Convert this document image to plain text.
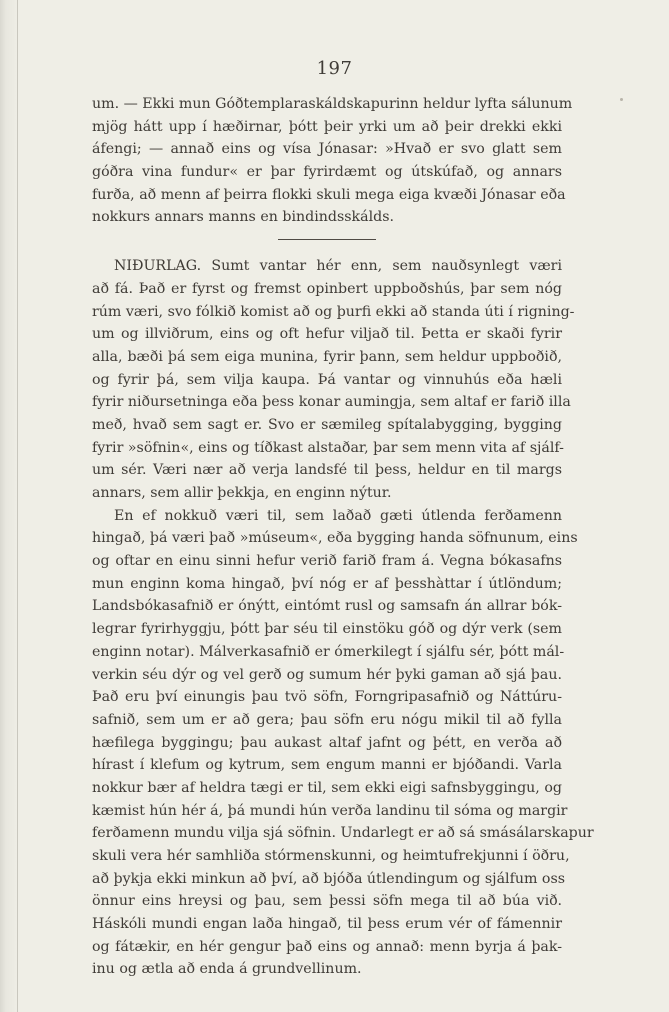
197
um. — Ekki mun Góðtemplaraskáldskapurinn heldur lyfta sálunum
mjög hátt upp í hæðirnar, þótt þeir yrki um að þeir drekki ekki
áfengi; — annað eins og vísa Jónasar: »Hvað er svo glatt sem
góðra vina fundur« er þar fyrirdæmt og útskúfað, og annars
furða, að menn af þeirra flokki skuli mega eiga kvæði Jónasar eða
nokkurs annars manns en bindindsskálds.
NIÐURLAG. Sumt vantar hér enn, sem nauðsynlegt væri
að fá. Það er fyrst og fremst opinbert uppboðshús, þar sem nóg
rúm væri, svo fólkið komist að og þurfi ekki að standa úti í rigning-
um og illviðrum, eins og oft hefur viljað til. Þetta er skaði fyrir
alla, bæði þá sem eiga munina, fyrir þann, sem heldur uppboðið,
og fyrir þá, sem vilja kaupa. Þá vantar og vinnuhús eða hæli
fyrir niðursetninga eða þess konar aumingja, sem altaf er farið illa
með, hvað sem sagt er. Svo er sæmileg spítalabygging, bygging
fyrir »söfnin«, eins og tíðkast alstaðar, þar sem menn vita af sjálf-
um sér. Væri nær að verja landsfé til þess, heldur en til margs
annars, sem allir þekkja, en enginn nýtur.
En ef nokkuð væri til, sem laðað gæti útlenda ferðamenn
hingað, þá væri það »múseum«, eða bygging handa söfnunum, eins
og oftar en einu sinni hefur verið farið fram á. Vegna bókasafns
mun enginn koma hingað, því nóg er af þesshàttar í útlöndum;
Landsbókasafnið er ónýtt, eintómt rusl og samsafn án allrar bók-
legrar fyrirhyggju, þótt þar séu til einstöku góð og dýr verk (sem
enginn notar). Málverkasafnið er ómerkilegt í sjálfu sér, þótt mál-
verkin séu dýr og vel gerð og sumum hér þyki gaman að sjá þau.
Það eru því einungis þau tvö söfn, Forngripasafnið og Náttúru-
safnið, sem um er að gera; þau söfn eru nógu mikil til að fylla
hæfilega byggingu; þau aukast altaf jafnt og þétt, en verða að
hírast í klefum og kytrum, sem engum manni er bjóðandi. Varla
nokkur bær af heldra tægi er til, sem ekki eigi safnsbyggingu, og
kæmist hún hér á, þá mundi hún verða landinu til sóma og margir
ferðamenn mundu vilja sjá söfnin. Undarlegt er að sá smásálarskapur
skuli vera hér samhliða stórmenskunni, og heimtufrekjunni í öðru,
að þykja ekki minkun að því, að bjóða útlendingum og sjálfum oss
önnur eins hreysi og þau, sem þessi söfn mega til að búa við.
Háskóli mundi engan laða hingað, til þess erum vér of fámennir
og fátækir, en hér gengur það eins og annað: menn byrja á þak-
inu og ætla að enda á grundvellinum.
